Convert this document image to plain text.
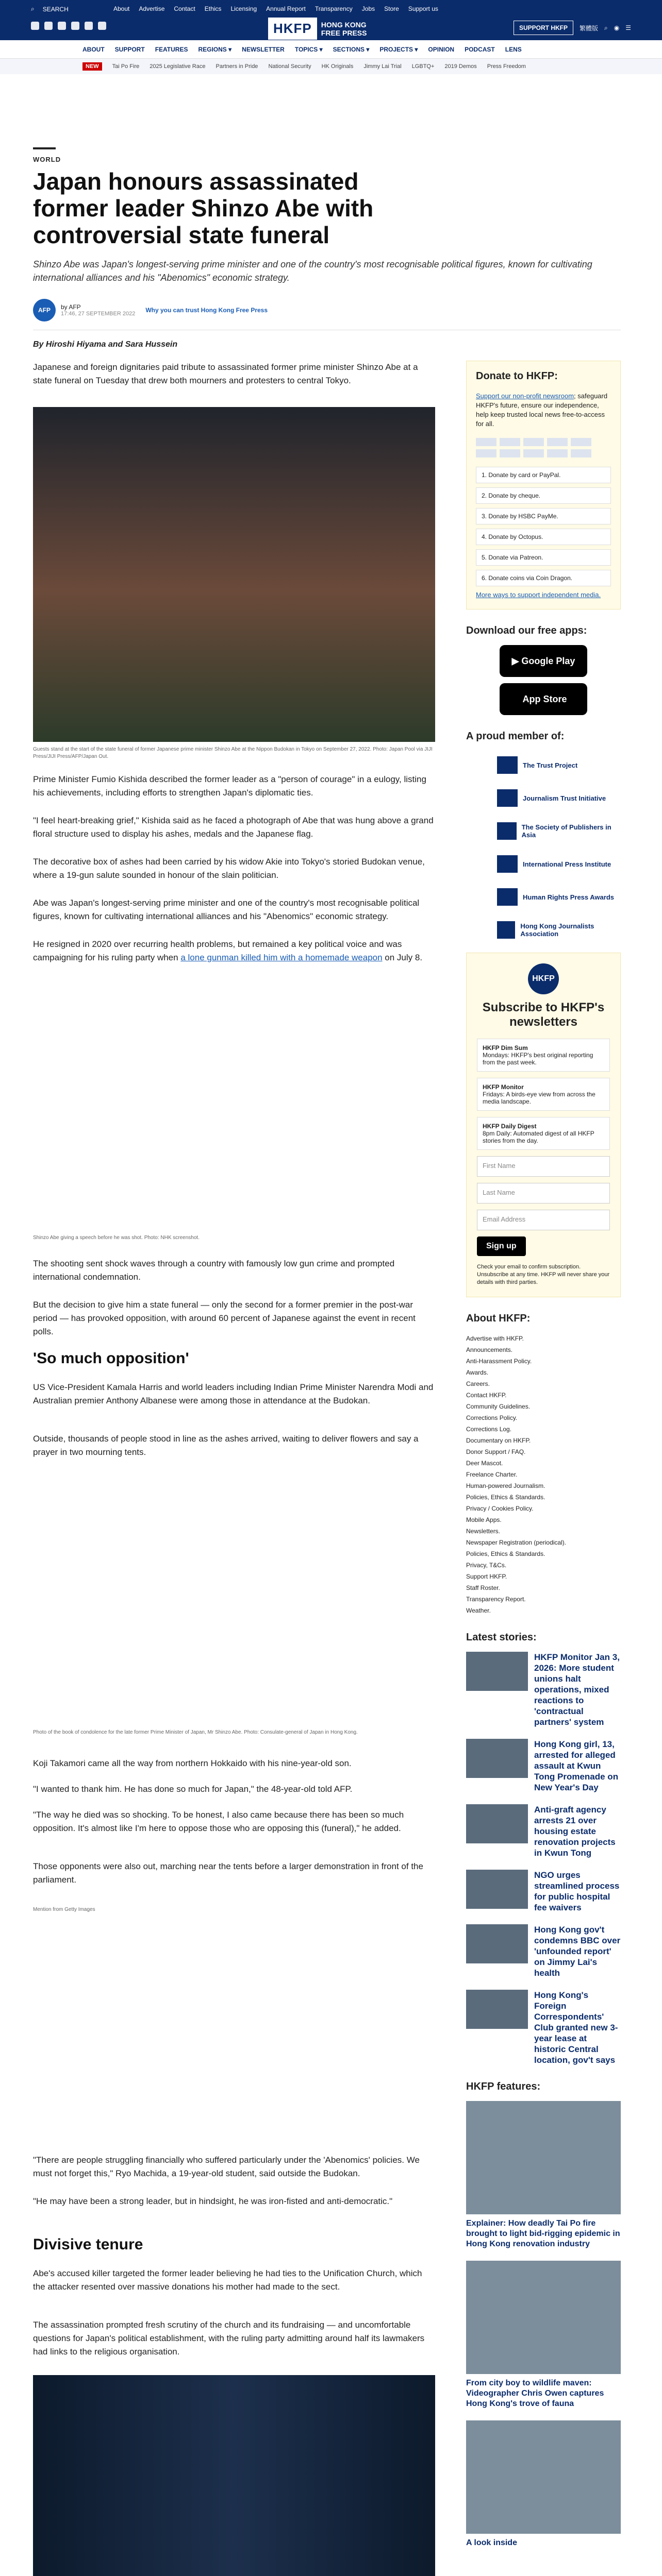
⌕ SEARCH	About Advertise Contact Ethics Licensing Annual Report Transparency Jobs Store Support us
HKFP	HONG KONG
FREE PRESS
SUPPORT HKFP	繁體版 ⌕ ◉ ☰
ABOUT SUPPORT FEATURES REGIONS ▾ NEWSLETTER TOPICS ▾ SECTIONS ▾ PROJECTS ▾ OPINION PODCAST LENS
NEW	Tai Po Fire 2025 Legislative Race Partners in Pride National Security HK Originals Jimmy Lai Trial LGBTQ+ 2019 Demos Press Freedom
WORLD
Japan honours assassinated former leader Shinzo Abe with controversial state funeral
Shinzo Abe was Japan's longest-serving prime minister and one of the country's most recognisable political figures, known for cultivating international alliances and his "Abenomics" economic strategy.
AFP	by AFP
17:46, 27 SEPTEMBER 2022 Why you can trust Hong Kong Free Press
By Hiroshi Hiyama and Sara Hussein

Japanese and foreign dignitaries paid tribute to assassinated former prime minister Shinzo Abe at a state funeral on Tuesday that drew both mourners and protesters to central Tokyo.

Guests stand at the start of the state funeral of former Japanese prime minister Shinzo Abe at the Nippon Budokan in Tokyo on September 27, 2022. Photo: Japan Pool via JIJI Press/JIJI Press/AFP/Japan Out.

Prime Minister Fumio Kishida described the former leader as a "person of courage" in a eulogy, listing his achievements, including efforts to strengthen Japan's diplomatic ties.

"I feel heart-breaking grief," Kishida said as he faced a photograph of Abe that was hung above a grand floral structure used to display his ashes, medals and the Japanese flag.

The decorative box of ashes had been carried by his widow Akie into Tokyo's storied Budokan venue, where a 19-gun salute sounded in honour of the slain politician.

Abe was Japan's longest-serving prime minister and one of the country's most recognisable political figures, known for cultivating international alliances and his "Abenomics" economic strategy.

He resigned in 2020 over recurring health problems, but remained a key political voice and was campaigning for his ruling party when a lone gunman killed him with a homemade weapon on July 8.

Shinzo Abe giving a speech before he was shot. Photo: NHK screenshot.

The shooting sent shock waves through a country with famously low gun crime and prompted international condemnation.

But the decision to give him a state funeral — only the second for a former premier in the post-war period — has provoked opposition, with around 60 percent of Japanese against the event in recent polls.

'So much opposition'

US Vice-President Kamala Harris and world leaders including Indian Prime Minister Narendra Modi and Australian premier Anthony Albanese were among those in attendance at the Budokan.

Outside, thousands of people stood in line as the ashes arrived, waiting to deliver flowers and say a prayer in two mourning tents.

Photo of the book of condolence for the late former Prime Minister of Japan, Mr Shinzo Abe. Photo: Consulate-general of Japan in Hong Kong.

Koji Takamori came all the way from northern Hokkaido with his nine-year-old son.

"I wanted to thank him. He has done so much for Japan," the 48-year-old told AFP.

"The way he died was so shocking. To be honest, I also came because there has been so much opposition. It's almost like I'm here to oppose those who are opposing this (funeral)," he added.

Those opponents were also out, marching near the tents before a larger demonstration in front of the parliament.

Mention from Getty Images

"There are people struggling financially who suffered particularly under the 'Abenomics' policies. We must not forget this," Ryo Machida, a 19-year-old student, said outside the Budokan.

"He may have been a strong leader, but in hindsight, he was iron-fisted and anti-democratic."

Divisive tenure

Abe's accused killer targeted the former leader believing he had ties to the Unification Church, which the attacker resented over massive donations his mother had made to the sect.

The assassination prompted fresh scrutiny of the church and its fundraising — and uncomfortable questions for Japan's political establishment, with the ruling party admitting around half its lawmakers had links to the religious organisation.

Donate to HKFP:

Support our non-profit newsroom; safeguard HKFP's future, ensure our independence, help keep trusted local news free-to-access for all.

1. Donate by card or PayPal.
2. Donate by cheque.
3. Donate by HSBC PayMe.
4. Donate by Octopus.
5. Donate via Patreon.
6. Donate coins via Coin Dragon.
More ways to support independent media.
Download our free apps:
▶ Google Play

App Store
A proud member of:
The Trust Project
Journalism Trust Initiative
The Society of Publishers in Asia
International Press Institute
Human Rights Press Awards
Hong Kong Journalists Association
HKFP
Subscribe to HKFP's newsletters
HKFP Dim Sum
Mondays: HKFP's best original reporting from the past week.
HKFP Monitor
Fridays: A birds-eye view from across the media landscape.
HKFP Daily Digest
8pm Daily: Automated digest of all HKFP stories from the day.
First Name
Last Name
Email Address
Sign up

Check your email to confirm subscription. Unsubscribe at any time. HKFP will never share your details with third parties.

About HKFP:
Advertise with HKFP.
Announcements.
Anti-Harassment Policy.
Awards.
Careers.
Contact HKFP.
Community Guidelines.
Corrections Policy.
Corrections Log.
Documentary on HKFP.
Donor Support / FAQ.
Deer Mascot.
Freelance Charter.
Human-powered Journalism.
Policies, Ethics & Standards.
Privacy / Cookies Policy.
Mobile Apps.
Newsletters.
Newspaper Registration (periodical).
Policies, Ethics & Standards.
Privacy, T&Cs.
Support HKFP.
Staff Roster.
Transparency Report.
Weather.
Latest stories:
HKFP Monitor Jan 3, 2026: More student unions halt operations, mixed reactions to 'contractual partners' system
Hong Kong girl, 13, arrested for alleged assault at Kwun Tong Promenade on New Year's Day
Anti-graft agency arrests 21 over housing estate renovation projects in Kwun Tong
NGO urges streamlined process for public hospital fee waivers
Hong Kong gov't condemns BBC over 'unfounded report' on Jimmy Lai's health
Hong Kong's Foreign Correspondents' Club granted new 3-year lease at historic Central location, gov't says
HKFP features:
Explainer: How deadly Tai Po fire brought to light bid-rigging epidemic in Hong Kong renovation industry
From city boy to wildlife maven: Videographer Chris Owen captures Hong Kong's trove of fauna
A look inside
